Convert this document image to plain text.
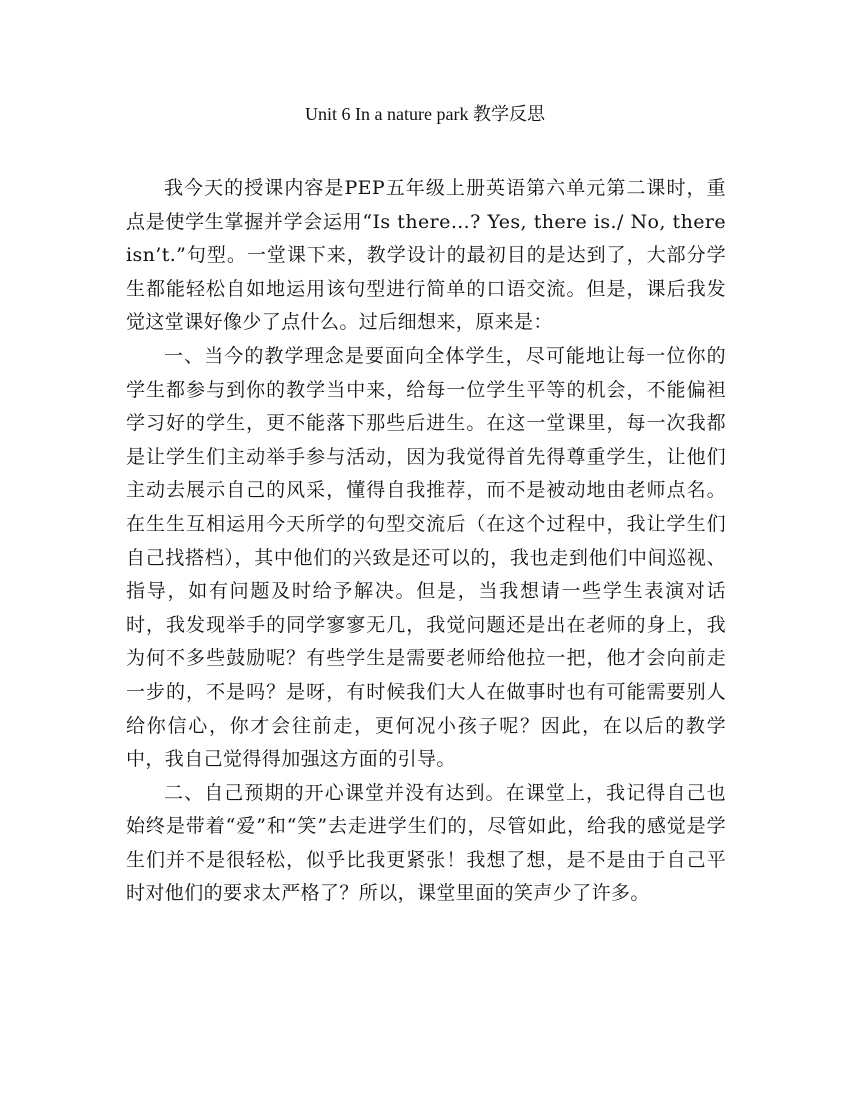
Unit 6 In a nature park 教学反思

我今天的授课内容是PEP五年级上册英语第六单元第二课时，重点是使学生掌握并学会运用“Is there…? Yes, there is./ No, there isn’t.”句型。一堂课下来，教学设计的最初目的是达到了，大部分学生都能轻松自如地运用该句型进行简单的口语交流。但是，课后我发觉这堂课好像少了点什么。过后细想来，原来是：

一、当今的教学理念是要面向全体学生，尽可能地让每一位你的学生都参与到你的教学当中来，给每一位学生平等的机会，不能偏袒学习好的学生，更不能落下那些后进生。在这一堂课里，每一次我都是让学生们主动举手参与活动，因为我觉得首先得尊重学生，让他们主动去展示自己的风采，懂得自我推荐，而不是被动地由老师点名。在生生互相运用今天所学的句型交流后（在这个过程中，我让学生们自己找搭档），其中他们的兴致是还可以的，我也走到他们中间巡视、指导，如有问题及时给予解决。但是，当我想请一些学生表演对话时，我发现举手的同学寥寥无几，我觉问题还是出在老师的身上，我为何不多些鼓励呢？有些学生是需要老师给他拉一把，他才会向前走一步的，不是吗？是呀，有时候我们大人在做事时也有可能需要别人给你信心，你才会往前走，更何况小孩子呢？因此，在以后的教学中，我自己觉得得加强这方面的引导。

二、自己预期的开心课堂并没有达到。在课堂上，我记得自己也始终是带着“爱”和“笑”去走进学生们的，尽管如此，给我的感觉是学生们并不是很轻松，似乎比我更紧张！我想了想，是不是由于自己平时对他们的要求太严格了？所以，课堂里面的笑声少了许多。
